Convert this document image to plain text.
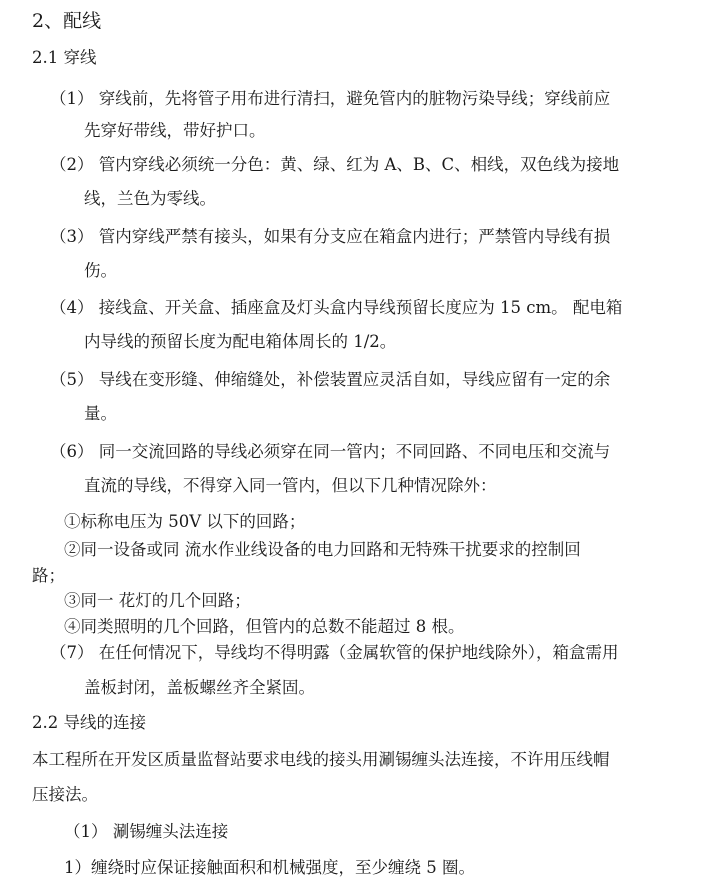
2、配线

2.1 穿线

（1） 穿线前，先将管子用布进行清扫，避免管内的脏物污染导线；穿线前应

先穿好带线，带好护口。

（2） 管内穿线必须统一分色：黄、绿、红为 A、B、C、相线，双色线为接地

线，兰色为零线。

（3） 管内穿线严禁有接头，如果有分支应在箱盒内进行；严禁管内导线有损

伤。

（4） 接线盒、开关盒、插座盒及灯头盒内导线预留长度应为 15 cm。 配电箱

内导线的预留长度为配电箱体周长的 1/2。

（5） 导线在变形缝、伸缩缝处，补偿装置应灵活自如，导线应留有一定的余

量。

（6） 同一交流回路的导线必须穿在同一管内；不同回路、不同电压和交流与

直流的导线，不得穿入同一管内，但以下几种情况除外：

①标称电压为 50V 以下的回路；

②同一设备或同 流水作业线设备的电力回路和无特殊干扰要求的控制回

路；

③同一 花灯的几个回路；

④同类照明的几个回路，但管内的总数不能超过 8 根。

（7） 在任何情况下，导线均不得明露（金属软管的保护地线除外），箱盒需用

盖板封闭，盖板螺丝齐全紧固。

2.2 导线的连接

本工程所在开发区质量监督站要求电线的接头用涮锡缠头法连接，不许用压线帽

压接法。

（1） 涮锡缠头法连接

1）缠绕时应保证接触面积和机械强度，至少缠绕 5 圈。
